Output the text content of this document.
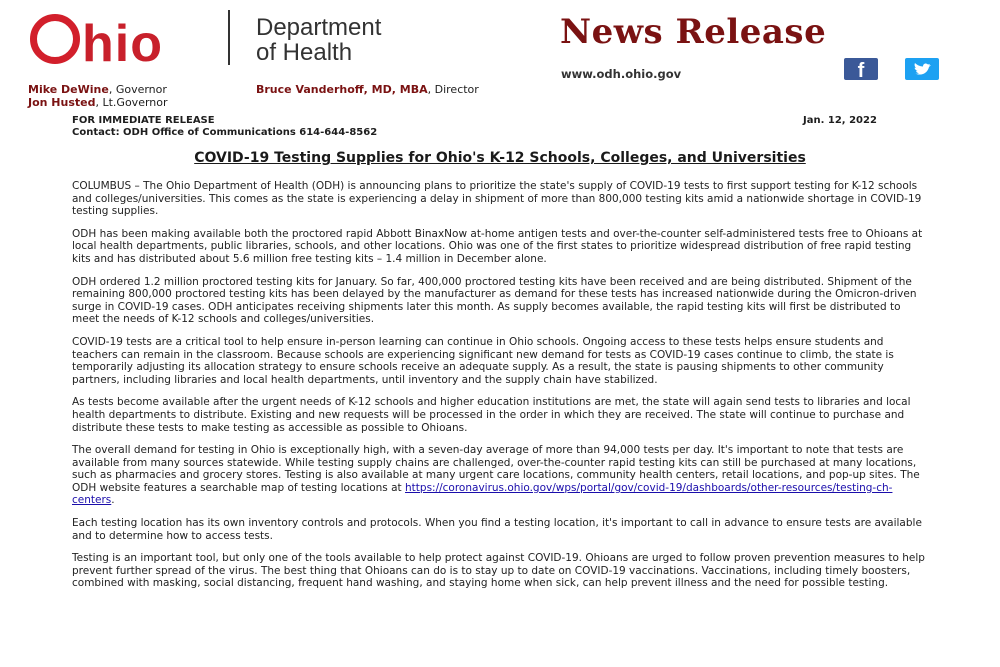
hio	Department
of Health
News Release
www.odh.ohio.gov	f
Mike DeWine, Governor
Jon Husted, Lt.Governor
Bruce Vanderhoff, MD, MBA, Director
FOR IMMEDIATE RELEASE
Contact: ODH Office of Communications 614-644-8562
Jan. 12, 2022
COVID-19 Testing Supplies for Ohio's K-12 Schools, Colleges, and Universities

COLUMBUS – The Ohio Department of Health (ODH) is announcing plans to prioritize the state's supply of COVID-19 tests to first support testing for K-12 schools and colleges/universities. This comes as the state is experiencing a delay in shipment of more than 800,000 testing kits amid a nationwide shortage in COVID-19 testing supplies.

ODH has been making available both the proctored rapid Abbott BinaxNow at-home antigen tests and over-the-counter self-administered tests free to Ohioans at local health departments, public libraries, schools, and other locations. Ohio was one of the first states to prioritize widespread distribution of free rapid testing kits and has distributed about 5.6 million free testing kits – 1.4 million in December alone.

ODH ordered 1.2 million proctored testing kits for January. So far, 400,000 proctored testing kits have been received and are being distributed. Shipment of the remaining 800,000 proctored testing kits has been delayed by the manufacturer as demand for these tests has increased nationwide during the Omicron-driven surge in COVID-19 cases. ODH anticipates receiving shipments later this month. As supply becomes available, the rapid testing kits will first be distributed to meet the needs of K-12 schools and colleges/universities.

COVID-19 tests are a critical tool to help ensure in-person learning can continue in Ohio schools. Ongoing access to these tests helps ensure students and teachers can remain in the classroom. Because schools are experiencing significant new demand for tests as COVID-19 cases continue to climb, the state is temporarily adjusting its allocation strategy to ensure schools receive an adequate supply. As a result, the state is pausing shipments to other community partners, including libraries and local health departments, until inventory and the supply chain have stabilized.

As tests become available after the urgent needs of K-12 schools and higher education institutions are met, the state will again send tests to libraries and local health departments to distribute. Existing and new requests will be processed in the order in which they are received. The state will continue to purchase and distribute these tests to make testing as accessible as possible to Ohioans.

The overall demand for testing in Ohio is exceptionally high, with a seven-day average of more than 94,000 tests per day. It's important to note that tests are available from many sources statewide. While testing supply chains are challenged, over-the-counter rapid testing kits can still be purchased at many locations, such as pharmacies and grocery stores. Testing is also available at many urgent care locations, community health centers, retail locations, and pop-up sites. The ODH website features a searchable map of testing locations at https://coronavirus.ohio.gov/wps/portal/gov/covid-19/dashboards/other-resources/testing-ch-centers.

Each testing location has its own inventory controls and protocols. When you find a testing location, it's important to call in advance to ensure tests are available and to determine how to access tests.

Testing is an important tool, but only one of the tools available to help protect against COVID-19. Ohioans are urged to follow proven prevention measures to help prevent further spread of the virus. The best thing that Ohioans can do is to stay up to date on COVID-19 vaccinations. Vaccinations, including timely boosters, combined with masking, social distancing, frequent hand washing, and staying home when sick, can help prevent illness and the need for possible testing.
